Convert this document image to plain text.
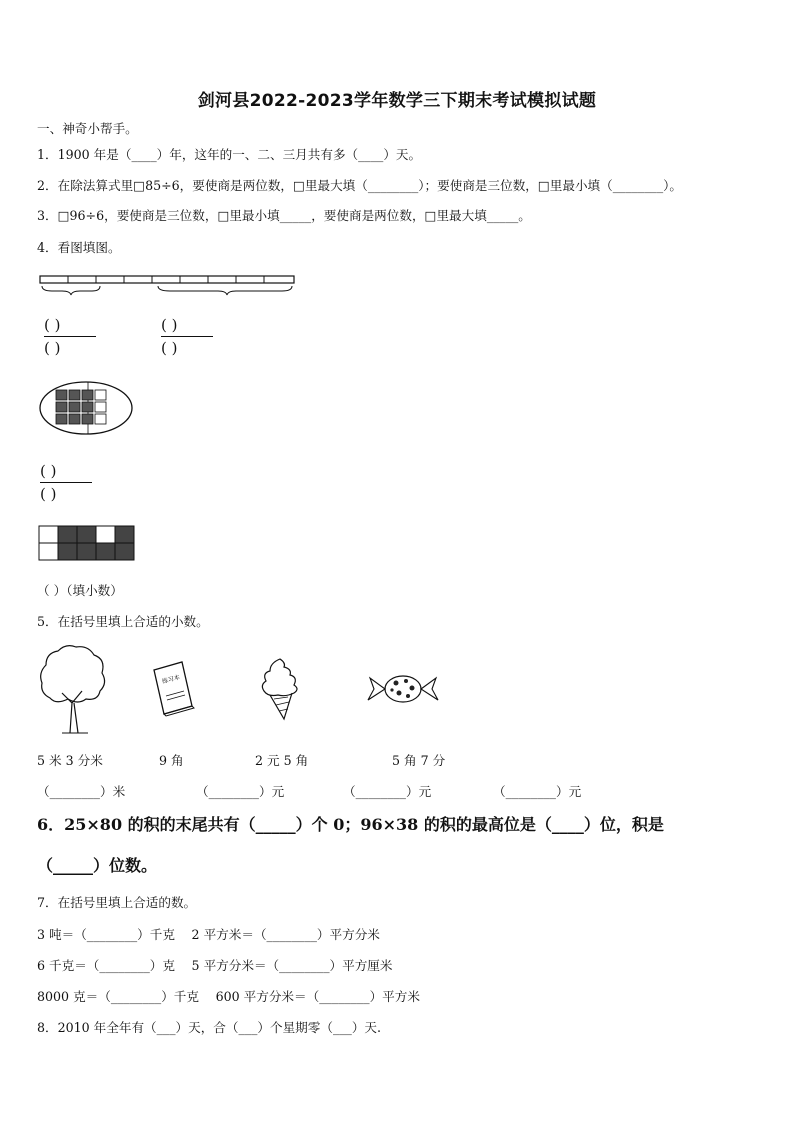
剑河县2022-2023学年数学三下期末考试模拟试题
一、神奇小帮手。
1．1900 年是（____）年，这年的一、二、三月共有多（____）天。
2．在除法算式里□85÷6，要使商是两位数，□里最大填（________）；要使商是三位数，□里最小填（________）。
3．□96÷6，要使商是三位数，□里最小填_____，要使商是两位数，□里最大填_____。
4．看图填图。
( )
( )
( )
( )
( )
( )
（ ）（填小数）
5．在括号里填上合适的小数。
练习本
5 米 3 分米	9 角	2 元 5 角	5 角 7 分
（________）米	（________）元	（________）元	（________）元
6．25×80 的积的末尾共有（_____）个 0；96×38 的积的最高位是（____）位，积是
（_____）位数。
7．在括号里填上合适的数。
3 吨＝（________）千克　 2 平方米＝（________）平方分米
6 千克＝（________）克　 5 平方分米＝（________）平方厘米
8000 克＝（________）千克　 600 平方分米＝（________）平方米
8．2010 年全年有（___）天，合（___）个星期零（___）天.
